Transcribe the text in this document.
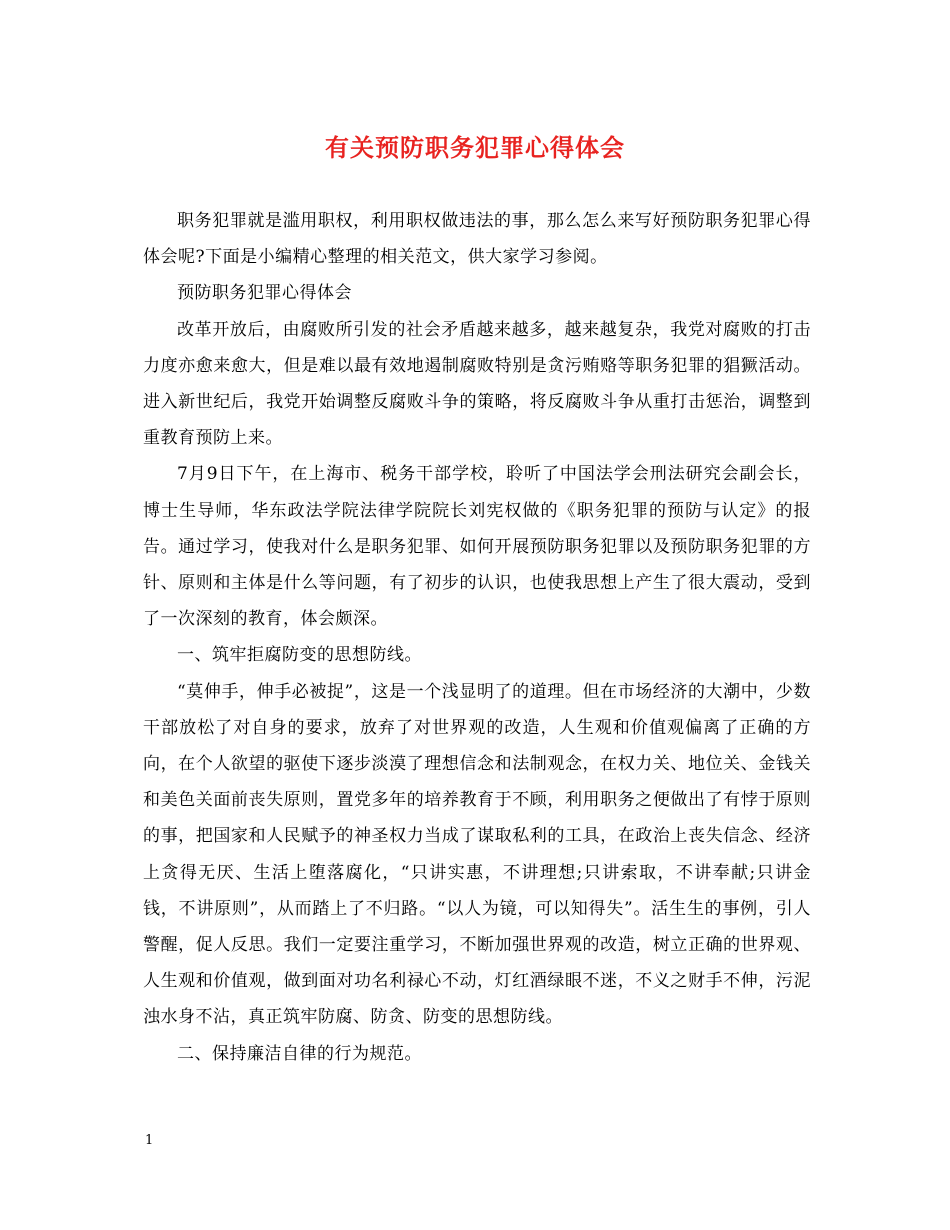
有关预防职务犯罪心得体会

职务犯罪就是滥用职权，利用职权做违法的事，那么怎么来写好预防职务犯罪心得体会呢?下面是小编精心整理的相关范文，供大家学习参阅。

预防职务犯罪心得体会

改革开放后，由腐败所引发的社会矛盾越来越多，越来越复杂，我党对腐败的打击力度亦愈来愈大，但是难以最有效地遏制腐败特别是贪污贿赂等职务犯罪的猖獗活动。进入新世纪后，我党开始调整反腐败斗争的策略，将反腐败斗争从重打击惩治，调整到重教育预防上来。

7月9日下午，在上海市、税务干部学校，聆听了中国法学会刑法研究会副会长，博士生导师，华东政法学院法律学院院长刘宪权做的《职务犯罪的预防与认定》的报告。通过学习，使我对什么是职务犯罪、如何开展预防职务犯罪以及预防职务犯罪的方针、原则和主体是什么等问题，有了初步的认识，也使我思想上产生了很大震动，受到了一次深刻的教育，体会颇深。

一、筑牢拒腐防变的思想防线。

“莫伸手，伸手必被捉”，这是一个浅显明了的道理。但在市场经济的大潮中，少数干部放松了对自身的要求，放弃了对世界观的改造，人生观和价值观偏离了正确的方向，在个人欲望的驱使下逐步淡漠了理想信念和法制观念，在权力关、地位关、金钱关和美色关面前丧失原则，置党多年的培养教育于不顾，利用职务之便做出了有悖于原则的事，把国家和人民赋予的神圣权力当成了谋取私利的工具，在政治上丧失信念、经济上贪得无厌、生活上堕落腐化，“只讲实惠，不讲理想;只讲索取，不讲奉献;只讲金钱，不讲原则”，从而踏上了不归路。“以人为镜，可以知得失”。活生生的事例，引人警醒，促人反思。我们一定要注重学习，不断加强世界观的改造，树立正确的世界观、人生观和价值观，做到面对功名利禄心不动，灯红酒绿眼不迷，不义之财手不伸，污泥浊水身不沾，真正筑牢防腐、防贪、防变的思想防线。

二、保持廉洁自律的行为规范。

1
